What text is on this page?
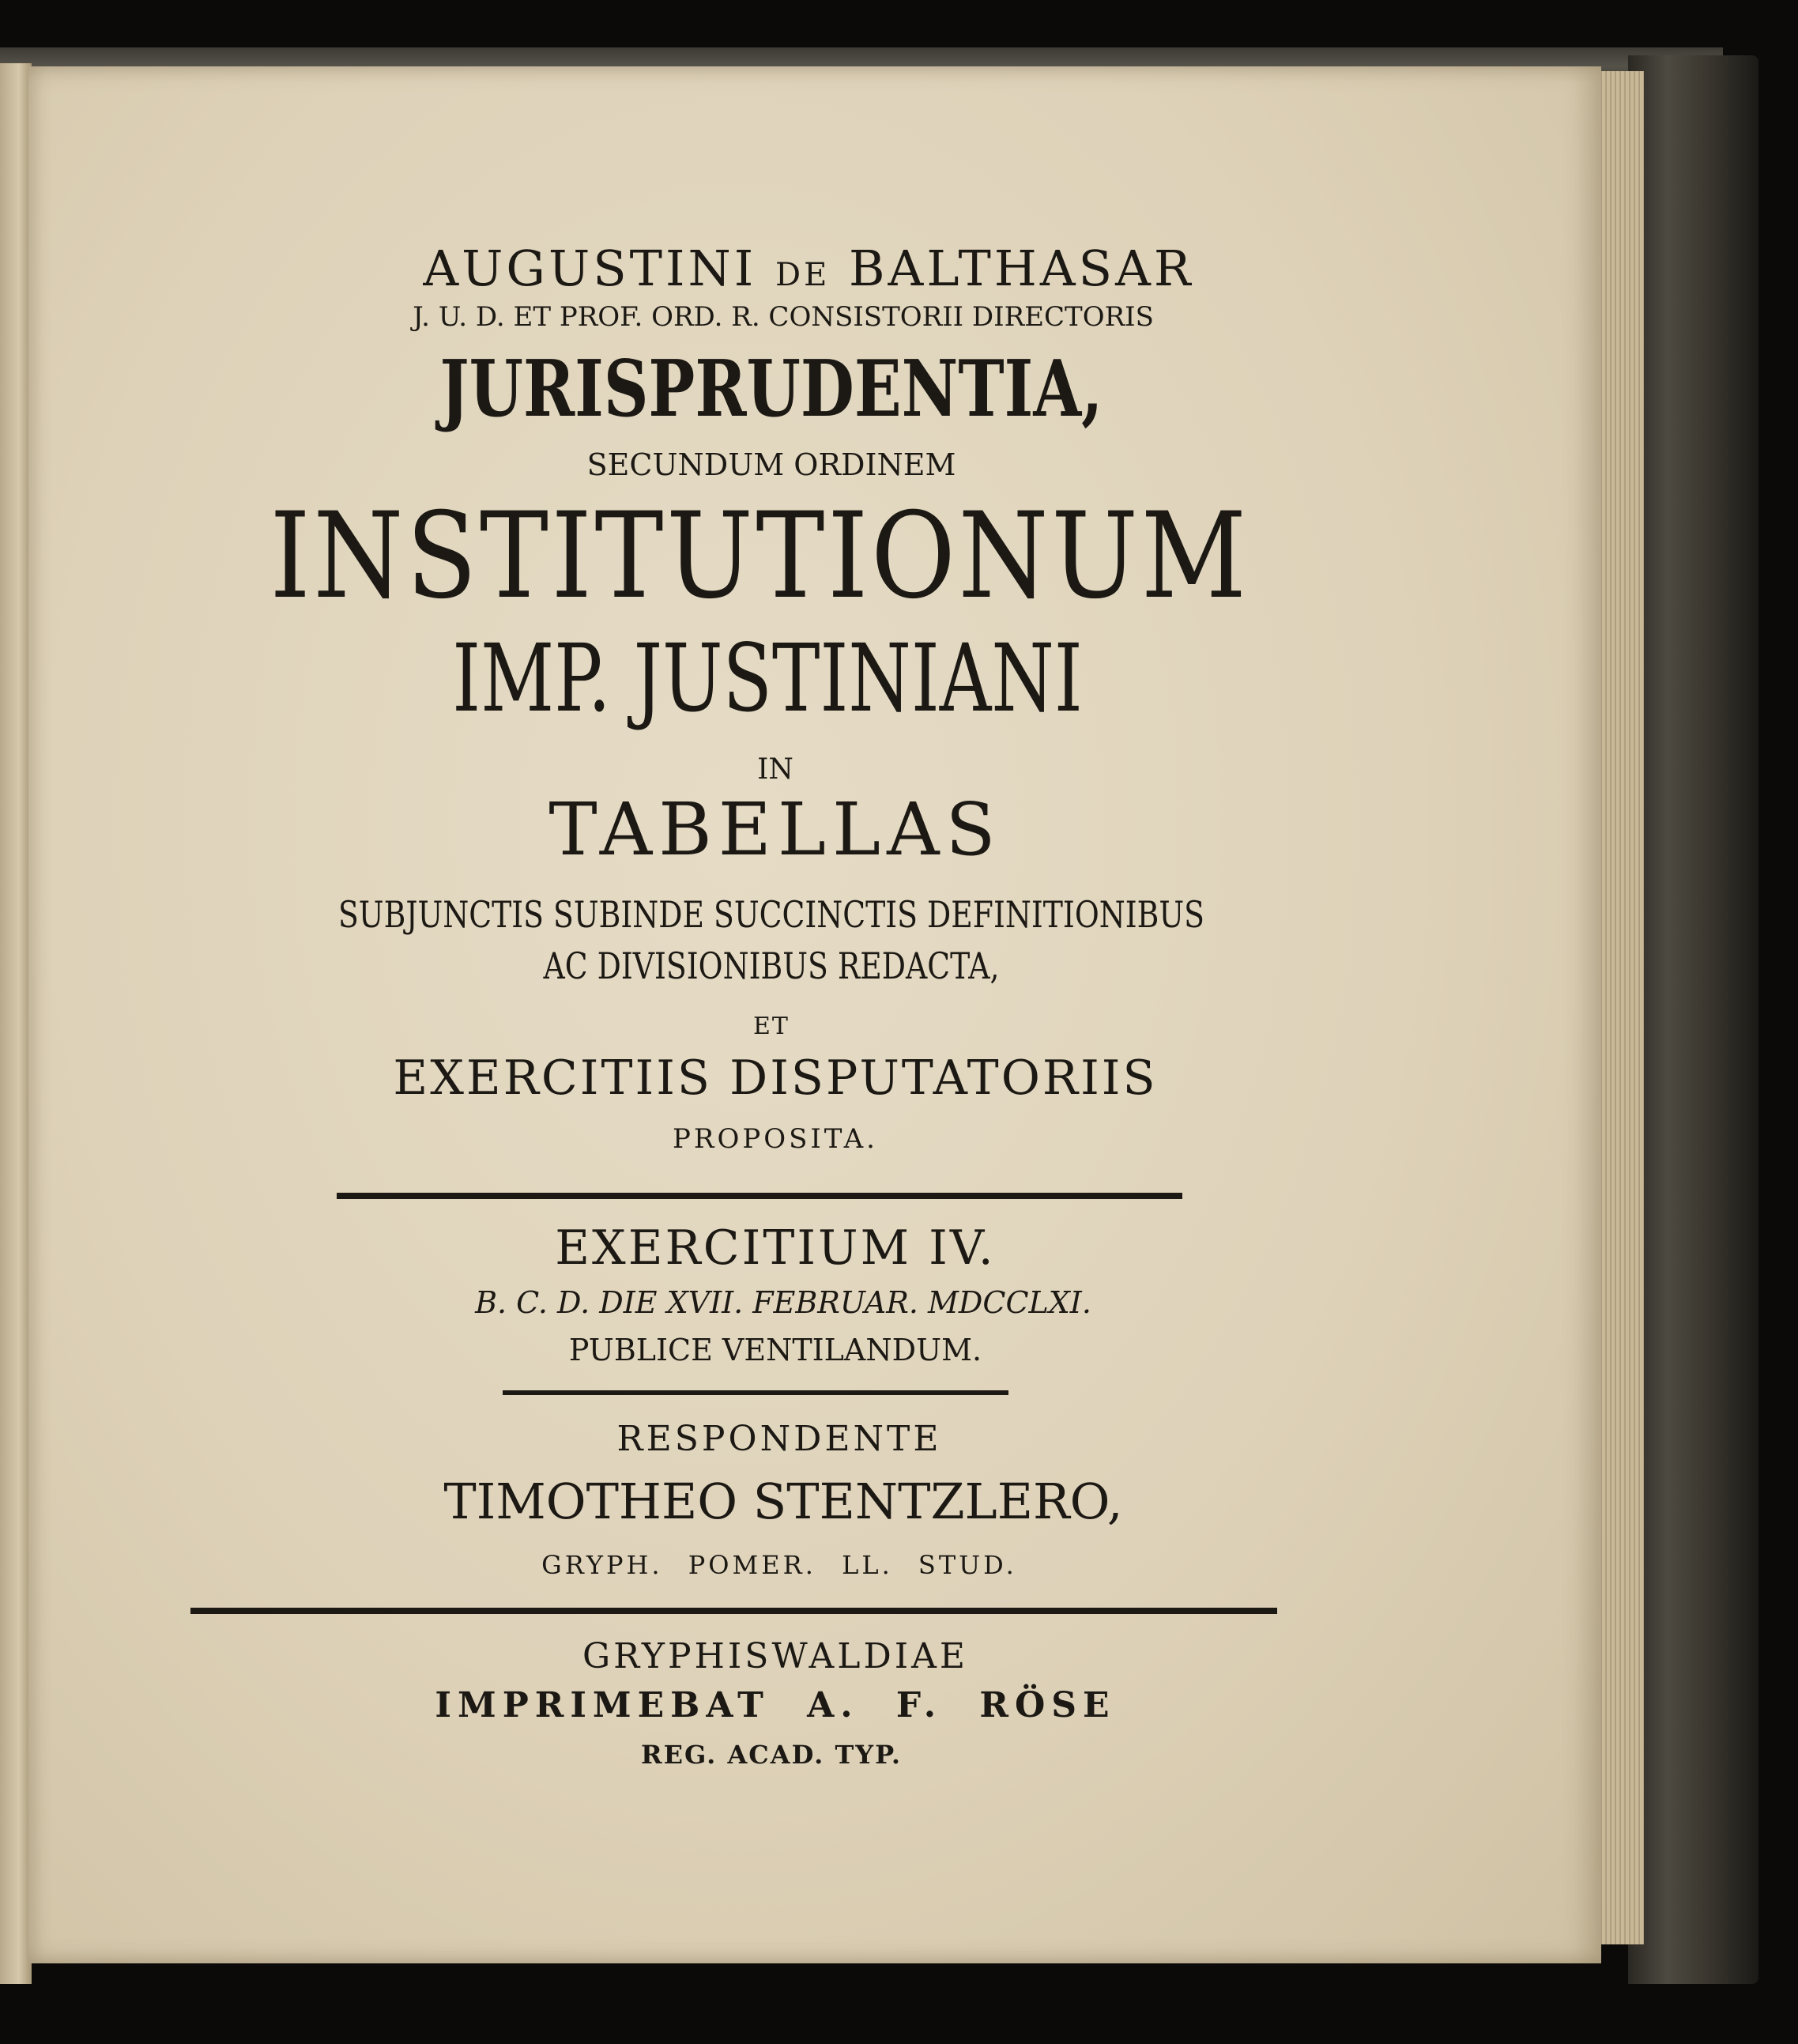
AUGUSTINI DE BALTHASAR
J. U. D. ET PROF. ORD. R. CONSISTORII DIRECTORIS
JURISPRUDENTIA,
SECUNDUM ORDINEM
INSTITUTIONUM
IMP. JUSTINIANI
IN
TABELLAS
SUBJUNCTIS SUBINDE SUCCINCTIS DEFINITIONIBUS
AC DIVISIONIBUS REDACTA,
ET
EXERCITIIS DISPUTATORIIS
PROPOSITA.
EXERCITIUM IV.
B. C. D. DIE XVII. FEBRUAR. MDCCLXI.
PUBLICE VENTILANDUM.
RESPONDENTE
TIMOTHEO STENTZLERO,
GRYPH. POMER. LL. STUD.
GRYPHISWALDIAE
IMPRIMEBAT A. F. RÖSE
REG. ACAD. TYP.
